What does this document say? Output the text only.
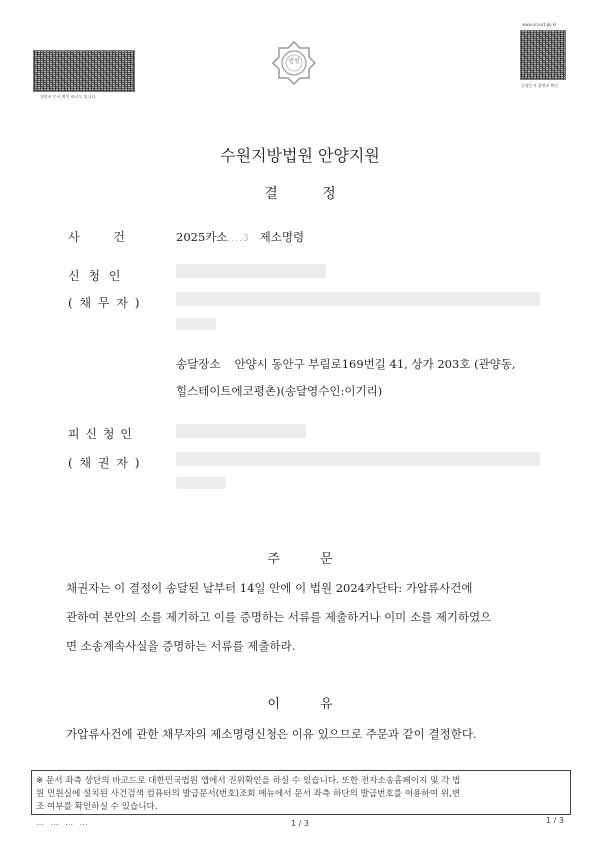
위변조 문서 확인 바코드 입니다.
법원
www.scourt.go.kr
증명문서 위변조 확인
수원지방법원 안양지원
결 정
사 건	2025카소....3 제소명령
신 청 인
( 채 무 자 )
송달장소 안양시 동안구 부림로169번길 41, 상가 203호 (관양동,
힐스테이트에코평촌)(송달영수인:이기리)
피 신 청 인
( 채 권 자 )
주 문
채권자는 이 결정이 송달된 날부터 14일 안에 이 법원 2024카단타: 가압류사건에
관하여 본안의 소를 제기하고 이를 증명하는 서류를 제출하거나 이미 소를 제기하였으
면 소송계속사실을 증명하는 서류를 제출하라.
이 유
가압류사건에 관한 채무자의 제소명령신청은 이유 있으므로 주문과 같이 결정한다.
※ 문서 좌측 상단의 바코드로 대한민국법원 앱에서 진위확인을 하실 수 있습니다. 또한 전자소송홈페이지 및 각 법
원 민원실에 설치된 사건검색 컴퓨터의 발급문서(번호)조회 메뉴에서 문서 좌측 하단의 발급번호를 이용하여 위,변
조 여부를 확인하실 수 있습니다.
… … … …	1 / 3	1 / 3
